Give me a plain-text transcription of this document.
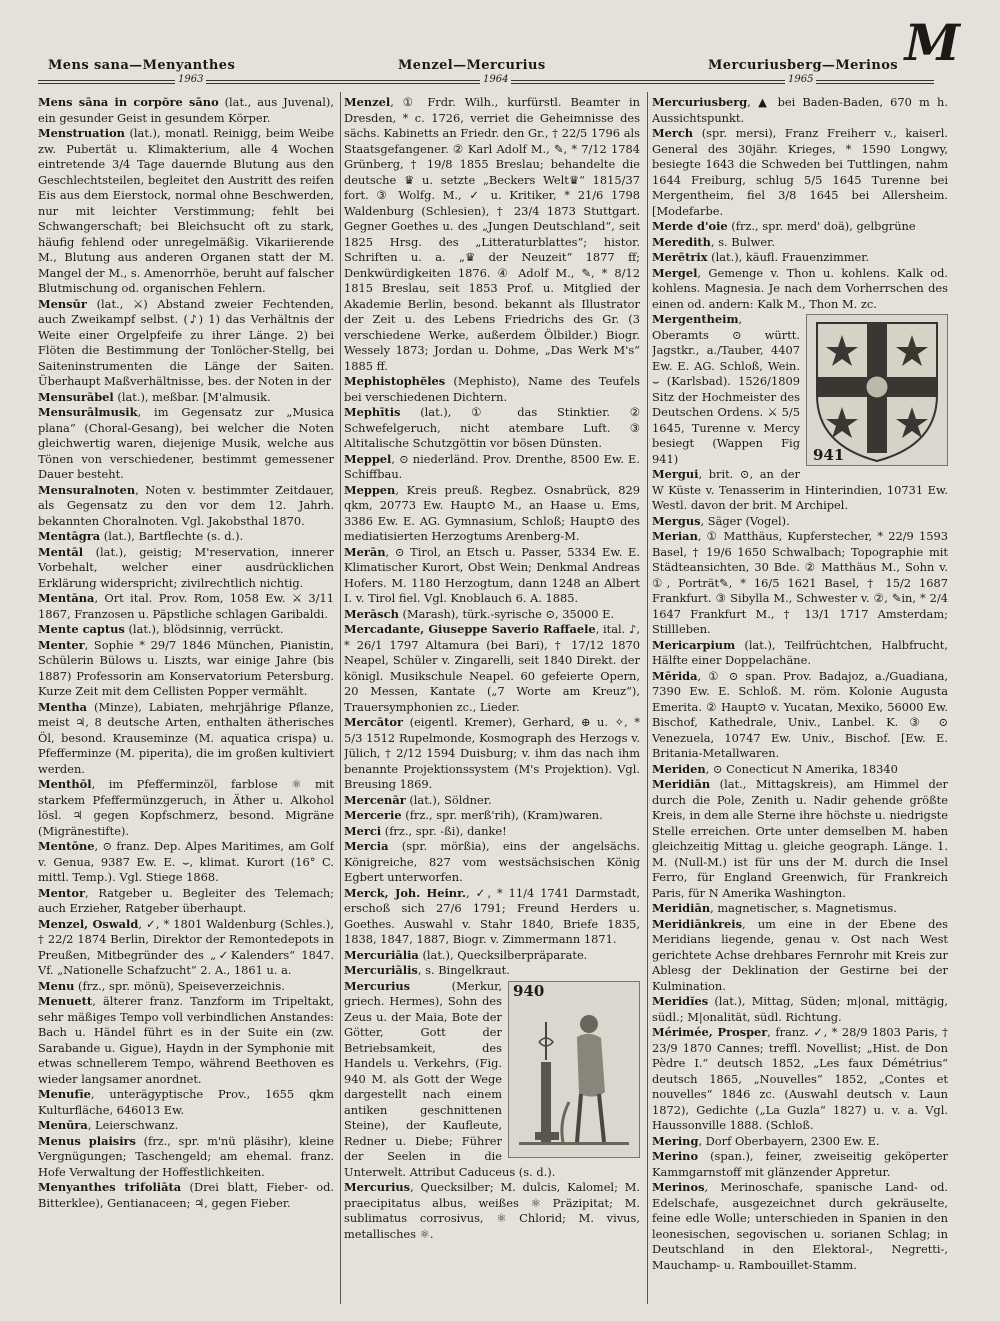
Mens sana—Menyanthes	Menzel—Mercurius	Mercuriusberg—Merinos M
1963	1964	1965

Mens sāna in corpŏre sāno (lat., aus Juvenal), ein gesunder Geist in gesundem Körper.

Menstruation (lat.), monatl. Reinigg, beim Weibe zw. Pubertät u. Klimakterium, alle 4 Wochen eintretende 3/4 Tage dauernde Blutung aus den Geschlechtsteilen, begleitet den Austritt des reifen Eis aus dem Eierstock, normal ohne Beschwerden, nur mit leichter Verstimmung; fehlt bei Schwangerschaft; bei Bleichsucht oft zu stark, häufig fehlend oder unregelmäßig. Vikariierende M., Blutung aus anderen Organen statt der M. Mangel der M., s. Amenorrhöe, beruht auf falscher Blutmischung od. organischen Fehlern.

Mensūr (lat., ⚔) Abstand zweier Fechtenden, auch Zweikampf selbst. (♪) 1) das Verhältnis der Weite einer Orgelpfeife zu ihrer Länge. 2) bei Flöten die Bestimmung der Tonlöcher-Stellg, bei Saiteninstrumenten die Länge der Saiten. Überhaupt Maßverhältnisse, bes. der Noten in der

Mensurābel (lat.), meßbar. [M'almusik.

Mensurālmusik, im Gegensatz zur „Musica plana“ (Choral-Gesang), bei welcher die Noten gleichwertig waren, diejenige Musik, welche aus Tönen von verschiedener, bestimmt gemessener Dauer besteht.

Mensuralnoten, Noten v. bestimmter Zeitdauer, als Gegensatz zu den vor dem 12. Jahrh. bekannten Choralnoten. Vgl. Jakobsthal 1870.

Mentāgra (lat.), Bartflechte (s. d.).

Mentāl (lat.), geistig; M'reservation, innerer Vorbehalt, welcher einer ausdrücklichen Erklärung widerspricht; zivilrechtlich nichtig.

Mentāna, Ort ital. Prov. Rom, 1058 Ew. ⚔ 3/11 1867, Franzosen u. Päpstliche schlagen Garibaldi.

Mente captus (lat.), blödsinnig, verrückt.

Menter, Sophie * 29/7 1846 München, Pianistin, Schülerin Bülows u. Liszts, war einige Jahre (bis 1887) Professorin am Konservatorium Petersburg. Kurze Zeit mit dem Cellisten Popper vermählt.

Mentha (Minze), Labiaten, mehrjährige Pflanze, meist ♃, 8 deutsche Arten, enthalten ätherisches Öl, besond. Krauseminze (M. aquatica crispa) u. Pfefferminze (M. piperita), die im großen kultiviert werden.

Menthōl, im Pfefferminzöl, farblose ⚛ mit starkem Pfeffermünzgeruch, in Äther u. Alkohol lösl. ♃ gegen Kopfschmerz, besond. Migräne (Migränestifte).

Mentōne, ⊙ franz. Dep. Alpes Maritimes, am Golf v. Genua, 9387 Ew. E. ⌣, klimat. Kurort (16° C. mittl. Temp.). Vgl. Stiege 1868.

Mentor, Ratgeber u. Begleiter des Telemach; auch Erzieher, Ratgeber überhaupt.

Menzel, Oswald, ✓, * 1801 Waldenburg (Schles.), † 22/2 1874 Berlin, Direktor der Remontedepots in Preußen, Mitbegründer des „✓Kalenders“ 1847. Vf. „Nationelle Schafzucht“ 2. A., 1861 u. a.

Menu (frz., spr. mönü), Speiseverzeichnis.

Menuett, älterer franz. Tanzform im Tripeltakt, sehr mäßiges Tempo voll verbindlichen Anstandes: Bach u. Händel führt es in der Suite ein (zw. Sarabande u. Gigue), Haydn in der Symphonie mit etwas schnellerem Tempo, während Beethoven es wieder langsamer anordnet.

Menufīe, unterägyptische Prov., 1655 qkm Kulturfläche, 646013 Ew.

Menūra, Leierschwanz.

Menus plaisirs (frz., spr. m'nü pläsihr), kleine Vergnügungen; Taschengeld; am ehemal. franz. Hofe Verwaltung der Hoffestlichkeiten.

Menyanthes trifoliāta (Drei blatt, Fieber- od. Bitterklee), Gentianaceen; ♃, gegen Fieber.

Menzel, ① Frdr. Wilh., kurfürstl. Beamter in Dresden, * c. 1726, verriet die Geheimnisse des sächs. Kabinetts an Friedr. den Gr., † 22/5 1796 als Staatsgefangener. ② Karl Adolf M., ✎, * 7/12 1784 Grünberg, † 19/8 1855 Breslau; behandelte die deutsche ♛ u. setzte „Beckers Welt♛“ 1815/37 fort. ③ Wolfg. M., ✓ u. Kritiker, * 21/6 1798 Waldenburg (Schlesien), † 23/4 1873 Stuttgart. Gegner Goethes u. des „Jungen Deutschland“, seit 1825 Hrsg. des „Litteraturblattes“; histor. Schriften u. a. „♛ der Neuzeit“ 1877 ff; Denkwürdigkeiten 1876. ④ Adolf M., ✎, * 8/12 1815 Breslau, seit 1853 Prof. u. Mitglied der Akademie Berlin, besond. bekannt als Illustrator der Zeit u. des Lebens Friedrichs des Gr. (3 verschiedene Werke, außerdem Ölbilder.) Biogr. Wessely 1873; Jordan u. Dohme, „Das Werk M's“ 1885 ff.

Mephistophĕles (Mephisto), Name des Teufels bei verschiedenen Dichtern.

Mephītis (lat.), ① das Stinktier. ② Schwefelgeruch, nicht atembare Luft. ③ Altitalische Schutzgöttin vor bösen Dünsten.

Meppel, ⊙ niederländ. Prov. Drenthe, 8500 Ew. E. Schiffbau.

Meppen, Kreis preuß. Regbez. Osnabrück, 829 qkm, 20773 Ew. Haupt⊙ M., an Haase u. Ems, 3386 Ew. E. AG. Gymnasium, Schloß; Haupt⊙ des mediatisierten Herzogtums Arenberg-M.

Merān, ⊙ Tirol, an Etsch u. Passer, 5334 Ew. E. Klimatischer Kurort, Obst Wein; Denkmal Andreas Hofers. M. 1180 Herzogtum, dann 1248 an Albert I. v. Tirol fiel. Vgl. Knoblauch 6. A. 1885.

Merāsch (Marash), türk.-syrische ⊙, 35000 E.

Mercadante, Giuseppe Saverio Raffaele, ital. ♪, * 26/1 1797 Altamura (bei Bari), † 17/12 1870 Neapel, Schüler v. Zingarelli, seit 1840 Direkt. der königl. Musikschule Neapel. 60 gefeierte Opern, 20 Messen, Kantate („7 Worte am Kreuz“), Trauersymphonien zc., Lieder.

Mercātor (eigentl. Kremer), Gerhard, ⊕ u. ✧, * 5/3 1512 Rupelmonde, Kosmograph des Herzogs v. Jülich, † 2/12 1594 Duisburg; v. ihm das nach ihm benannte Projektionssystem (M's Projektion). Vgl. Breusing 1869.

Mercenār (lat.), Söldner.

Mercerie (frz., spr. merß'rih), (Kram)waren.

Merci (frz., spr. -ßi), danke!

Mercia (spr. mörßia), eins der angelsächs. Königreiche, 827 vom westsächsischen König Egbert unterworfen.

Merck, Joh. Heinr., ✓, * 11/4 1741 Darmstadt, erschoß sich 27/6 1791; Freund Herders u. Goethes. Auswahl v. Stahr 1840, Briefe 1835, 1838, 1847, 1887, Biogr. v. Zimmermann 1871.

Mercuriālia (lat.), Quecksilberpräparate.

Mercuriālis, s. Bingelkraut.

940

Mercurius (Merkur, griech. Hermes), Sohn des Zeus u. der Maia, Bote der Götter, Gott der Betriebsamkeit, des Handels u. Verkehrs, (Fig. 940 M. als Gott der Wege dargestellt nach einem antiken geschnittenen Steine), der Kaufleute, Redner u. Diebe; Führer der Seelen in die Unterwelt. Attribut Caduceus (s. d.).

Mercurius, Quecksilber; M. dulcis, Kalomel; M. praecipitatus albus, weißes ⚛ Präzipitat; M. sublimatus corrosivus, ⚛ Chlorid; M. vivus, metallisches ⚛.

Mercuriusberg, ▲ bei Baden-Baden, 670 m h. Aussichtspunkt.

Merch (spr. mersi), Franz Freiherr v., kaiserl. General des 30jähr. Krieges, * 1590 Longwy, besiegte 1643 die Schweden bei Tuttlingen, nahm 1644 Freiburg, schlug 5/5 1645 Turenne bei Mergentheim, fiel 3/8 1645 bei Allersheim. [Modefarbe.

Merde d'oie (frz., spr. merd' doä), gelbgrüne

Meredith, s. Bulwer.

Merētrix (lat.), käufl. Frauenzimmer.

Mergel, Gemenge v. Thon u. kohlens. Kalk od. kohlens. Magnesia. Je nach dem Vorherrschen des einen od. andern: Kalk M., Thon M. zc.

941

Mergentheim, Oberamts ⊙ württ. Jagstkr., a./Tauber, 4407 Ew. E. AG. Schloß, Wein. ⌣ (Karlsbad). 1526/1809 Sitz der Hochmeister des Deutschen Ordens. ⚔ 5/5 1645, Turenne v. Mercy besiegt (Wappen Fig 941)

Mergui, brit. ⊙, an der W Küste v. Tenasserim in Hinterindien, 10731 Ew. Westl. davon der brit. M Archipel.

Mergus, Säger (Vogel).

Merian, ① Matthäus, Kupferstecher, * 22/9 1593 Basel, † 19/6 1650 Schwalbach; Topographie mit Städteansichten, 30 Bde. ② Matthäus M., Sohn v. ①, Porträt✎, * 16/5 1621 Basel, † 15/2 1687 Frankfurt. ③ Sibylla M., Schwester v. ②, ✎in, * 2/4 1647 Frankfurt M., † 13/1 1717 Amsterdam; Stillleben.

Mericarpium (lat.), Teilfrüchtchen, Halbfrucht, Hälfte einer Doppelachäne.

Mērida, ① ⊙ span. Prov. Badajoz, a./Guadiana, 7390 Ew. E. Schloß. M. röm. Kolonie Augusta Emerita. ② Haupt⊙ v. Yucatan, Mexiko, 56000 Ew. Bischof, Kathedrale, Univ., Lanbel. K. ③ ⊙ Venezuela, 10747 Ew. Univ., Bischof. [Ew. E. Britania-Metallwaren.

Meriden, ⊙ Conecticut N Amerika, 18340

Meridiān (lat., Mittagskreis), am Himmel der durch die Pole, Zenith u. Nadir gehende größte Kreis, in dem alle Sterne ihre höchste u. niedrigste Stelle erreichen. Orte unter demselben M. haben gleichzeitig Mittag u. gleiche geograph. Länge. 1. M. (Null-M.) ist für uns der M. durch die Insel Ferro, für England Greenwich, für Frankreich Paris, für N Amerika Washington.

Meridiān, magnetischer, s. Magnetismus.

Meridiānkreis, um eine in der Ebene des Meridians liegende, genau v. Ost nach West gerichtete Achse drehbares Fernrohr mit Kreis zur Ablesg der Deklination der Gestirne bei der Kulmination.

Meridĭes (lat.), Mittag, Süden; m|onal, mittägig, südl.; M|onalität, südl. Richtung.

Mérimée, Prosper, franz. ✓, * 28/9 1803 Paris, † 23/9 1870 Cannes; treffl. Novellist; „Hist. de Don Pèdre I.“ deutsch 1852, „Les faux Démétrius“ deutsch 1865, „Nouvelles“ 1852, „Contes et nouvelles“ 1846 zc. (Auswahl deutsch v. Laun 1872), Gedichte („La Guzla“ 1827) u. v. a. Vgl. Haussonville 1888. (Schloß.

Mering, Dorf Oberbayern, 2300 Ew. E.

Merino (span.), feiner, zweiseitig geköperter Kammgarnstoff mit glänzender Appretur.

Merinos, Merinoschafe, spanische Land- od. Edelschafe, ausgezeichnet durch gekräuselte, feine edle Wolle; unterschieden in Spanien in den leonesischen, segovischen u. sorianen Schlag; in Deutschland in den Elektoral-, Negretti-, Mauchamp- u. Rambouillet-Stamm.
